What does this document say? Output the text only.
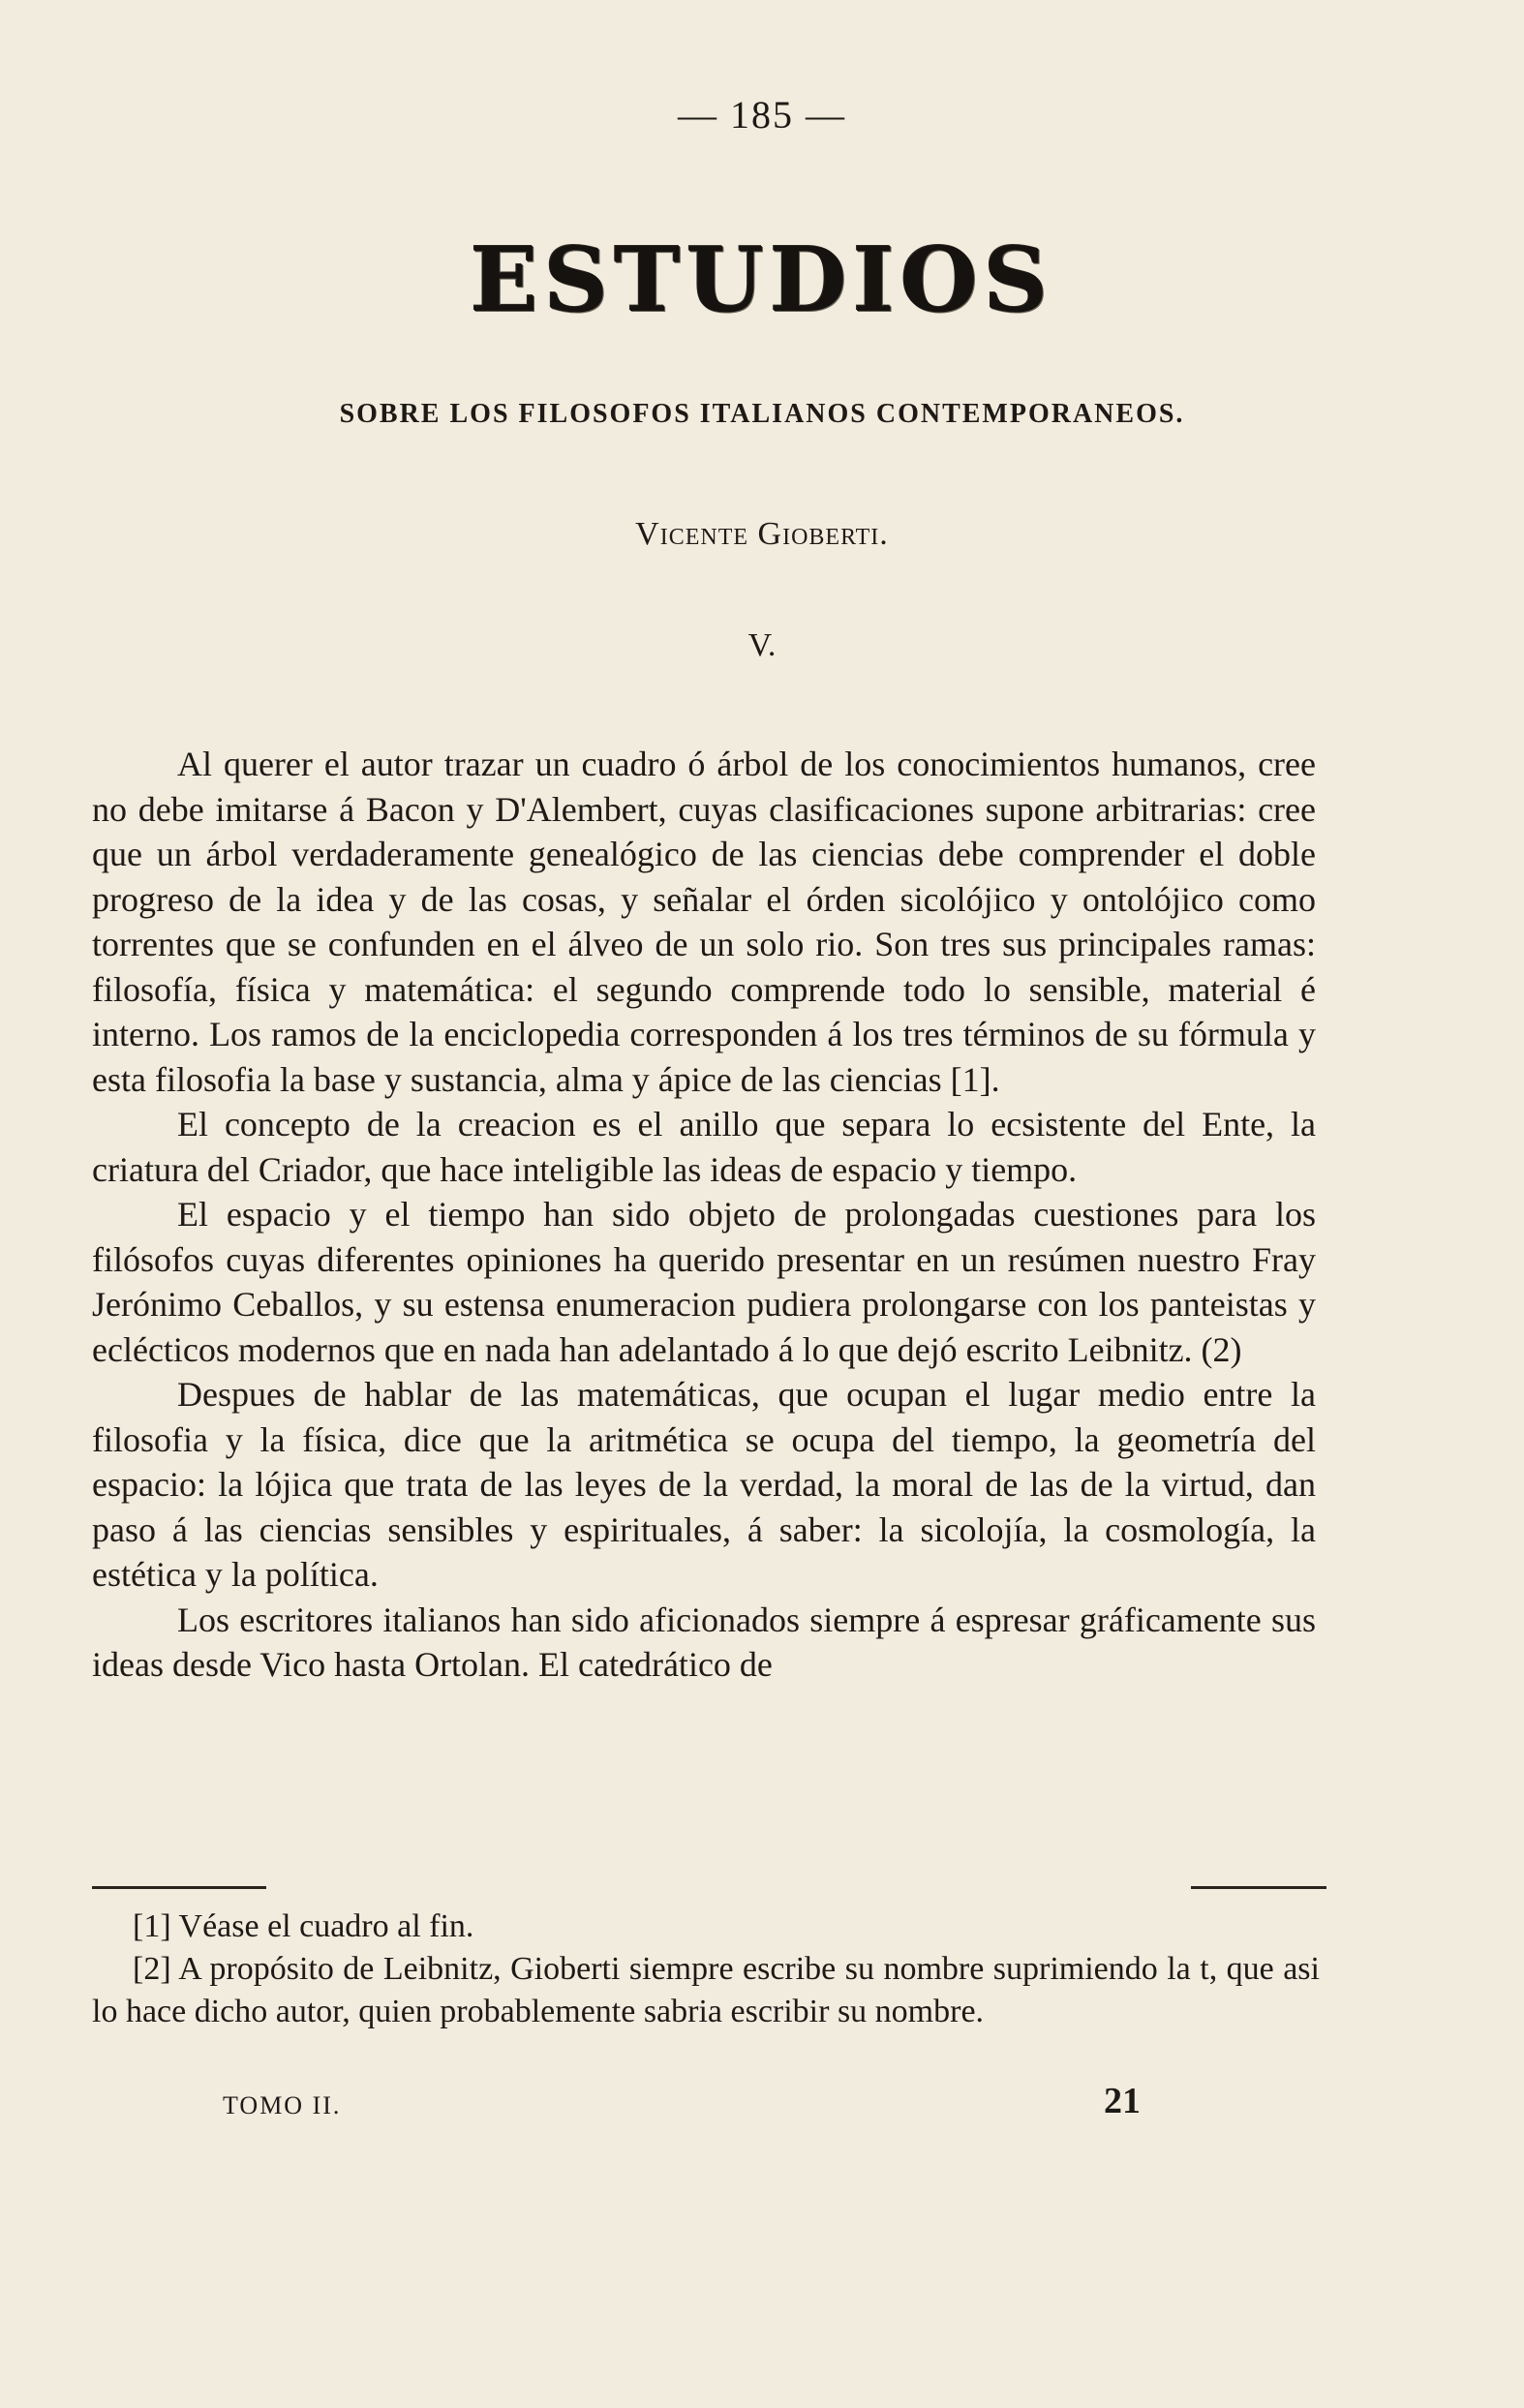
— 185 —
ESTUDIOS
SOBRE LOS FILOSOFOS ITALIANOS CONTEMPORANEOS.
Vicente Gioberti.
V.

Al querer el autor trazar un cuadro ó árbol de los conocimientos humanos, cree no debe imitarse á Bacon y D'Alembert, cuyas clasificaciones supone arbitrarias: cree que un árbol verdaderamente genealógico de las ciencias debe comprender el doble progreso de la idea y de las cosas, y señalar el órden sicolójico y ontolójico como torrentes que se confunden en el álveo de un solo rio. Son tres sus principales ramas: filosofía, física y matemática: el segundo comprende todo lo sensible, material é interno. Los ramos de la enciclopedia corresponden á los tres términos de su fórmula y esta filosofia la base y sustancia, alma y ápice de las ciencias [1].

El concepto de la creacion es el anillo que separa lo ecsistente del Ente, la criatura del Criador, que hace inteligible las ideas de espacio y tiempo.

El espacio y el tiempo han sido objeto de prolongadas cuestiones para los filósofos cuyas diferentes opiniones ha querido presentar en un resúmen nuestro Fray Jerónimo Ceballos, y su estensa enumeracion pudiera prolongarse con los panteistas y eclécticos modernos que en nada han adelantado á lo que dejó escrito Leibnitz. (2)

Despues de hablar de las matemáticas, que ocupan el lugar medio entre la filosofia y la física, dice que la aritmética se ocupa del tiempo, la geometría del espacio: la lójica que trata de las leyes de la verdad, la moral de las de la virtud, dan paso á las ciencias sensibles y espirituales, á saber: la sicolojía, la cosmología, la estética y la política.

Los escritores italianos han sido aficionados siempre á espresar gráficamente sus ideas desde Vico hasta Ortolan. El catedrático de

[1] Véase el cuadro al fin.

[2] A propósito de Leibnitz, Gioberti siempre escribe su nombre suprimiendo la t, que asi lo hace dicho autor, quien probablemente sabria escribir su nombre.

TOMO II.	21
